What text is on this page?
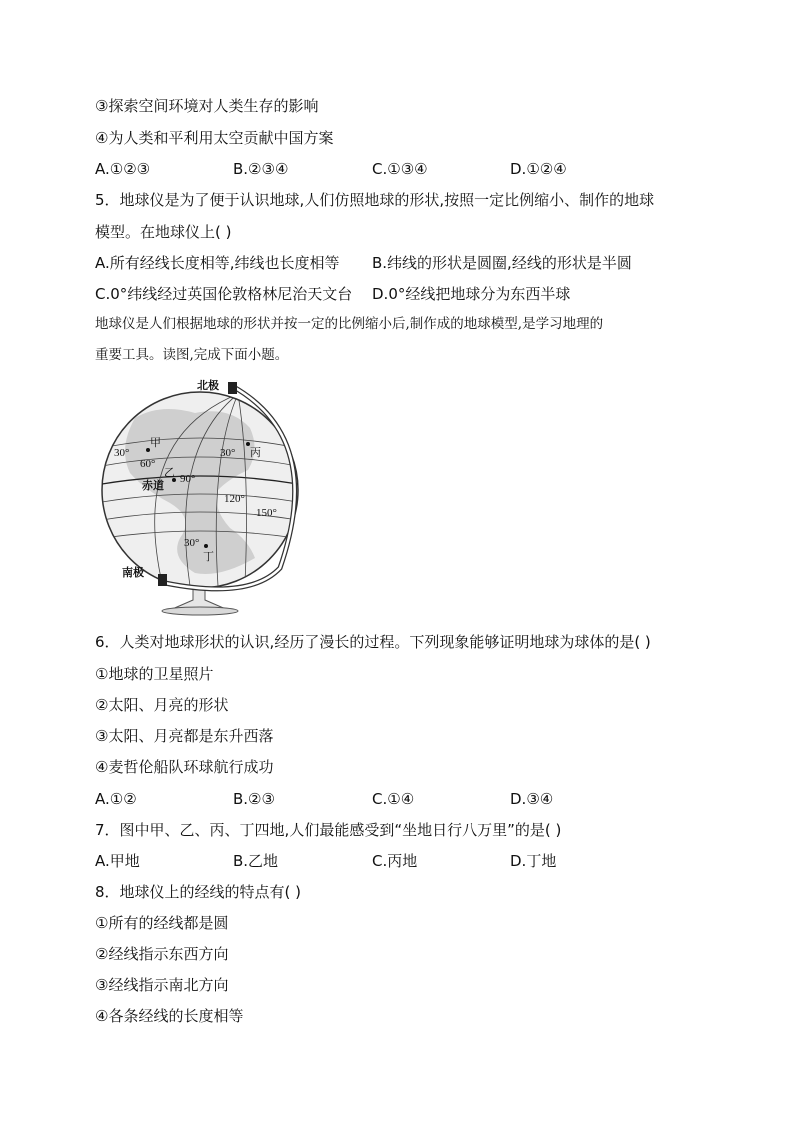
③探索空间环境对人类生存的影响
④为人类和平利用太空贡献中国方案
A.①②③	B.②③④	C.①③④	D.①②④
5．地球仪是为了便于认识地球,人们仿照地球的形状,按照一定比例缩小、制作的地球
模型。在地球仪上( )
A.所有经线长度相等,纬线也长度相等 B.纬线的形状是圆圈,经线的形状是半圆
C.0°纬线经过英国伦敦格林尼治天文台 D.0°经线把地球分为东西半球
地球仪是人们根据地球的形状并按一定的比例缩小后,制作成的地球模型,是学习地理的
重要工具。读图,完成下面小题。
北极
南极
赤道
甲
乙
丙
丁
30°	30°
30°
60°
90°
120°
150°
6．人类对地球形状的认识,经历了漫长的过程。下列现象能够证明地球为球体的是( )
①地球的卫星照片
②太阳、月亮的形状
③太阳、月亮都是东升西落
④麦哲伦船队环球航行成功
A.①②	B.②③	C.①④	D.③④
7．图中甲、乙、丙、丁四地,人们最能感受到“坐地日行八万里”的是( )
A.甲地	B.乙地	C.丙地	D.丁地
8．地球仪上的经线的特点有( )
①所有的经线都是圆
②经线指示东西方向
③经线指示南北方向
④各条经线的长度相等
